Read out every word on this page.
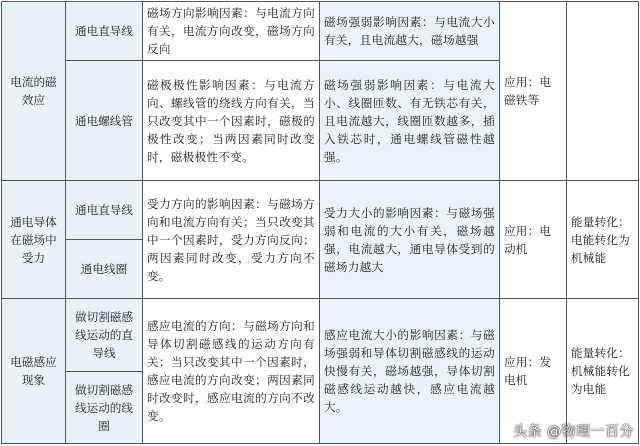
电流的磁效应	通电直导线	磁场方向影响因素：与电流方向有关，电流方向改变，磁场方向反向	磁场强弱影响因素：与电流大小有关，且电流越大，磁场越强	应用：电磁铁等	
	通电螺线管	磁极极性影响因素：与电流方向、螺线管的绕线方向有关，当只改变其中一个因素时，磁极的极性改变；当两因素同时改变时，磁极极性不变。	磁场强弱影响因素：与电流大小、线圈匝数、有无铁芯有关，且电流越大，线圈匝数越多，插入铁芯时，通电螺线管磁性越强。		
通电导体在磁场中受力	通电直导线	受力方向的影响因素：与磁场方向和电流方向有关；当只改变其中一个因素时，受力方向反向；两因素同时改变，受力方向不变。	受力大小的影响因素：与磁场强弱和电流的大小有关，磁场越强，电流越大，通电导体受到的磁场力越大	应用：电动机	能量转化：电能转化为机械能
	通电线圈				
电磁感应现象	做切割磁感线运动的直导线	感应电流的方向：与磁场方向和导体切割磁感线的运动方向有关；当只改变其中一个因素时，感应电流的方向改变；两因素同时改变时，感应电流的方向不改变。	感应电流大小的影响因素：与磁场强弱和导体切割磁感线的运动快慢有关，磁场越强，导体切割磁感线运动越快，感应电流越大。	应用：发电机	能量转化：机械能转化为电能
	做切割磁感线运动的线圈					头条 @物理一百分
